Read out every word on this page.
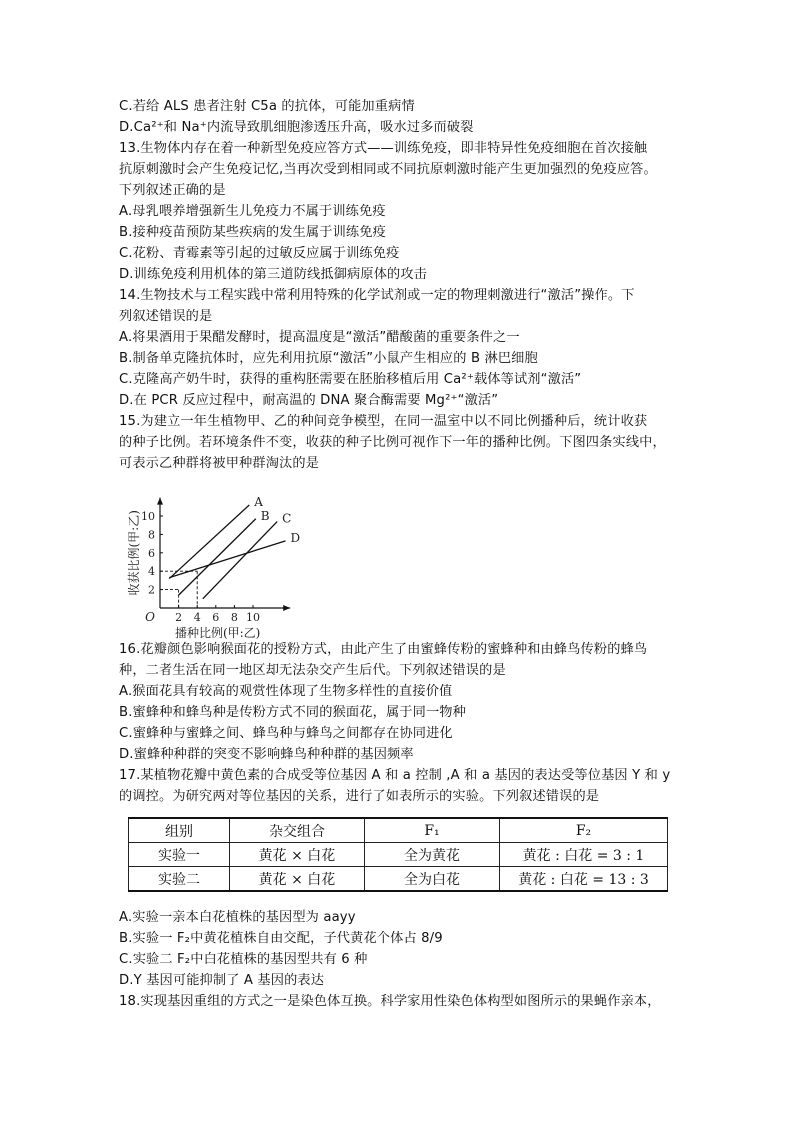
C.若给 ALS 患者注射 C5a 的抗体，可能加重病情
D.Ca²⁺和 Na⁺内流导致肌细胞渗透压升高，吸水过多而破裂
13.生物体内存在着一种新型免疫应答方式——训练免疫，即非特异性免疫细胞在首次接触
抗原刺激时会产生免疫记忆,当再次受到相同或不同抗原刺激时能产生更加强烈的免疫应答。
下列叙述正确的是
A.母乳喂养增强新生儿免疫力不属于训练免疫
B.接种疫苗预防某些疾病的发生属于训练免疫
C.花粉、青霉素等引起的过敏反应属于训练免疫
D.训练免疫利用机体的第三道防线抵御病原体的攻击
14.生物技术与工程实践中常利用特殊的化学试剂或一定的物理刺激进行“激活”操作。下
列叙述错误的是
A.将果酒用于果醋发酵时，提高温度是“激活”醋酸菌的重要条件之一
B.制备单克隆抗体时，应先利用抗原“激活”小鼠产生相应的 B 淋巴细胞
C.克隆高产奶牛时，获得的重构胚需要在胚胎移植后用 Ca²⁺载体等试剂“激活”
D.在 PCR 反应过程中，耐高温的 DNA 聚合酶需要 Mg²⁺“激活”
15.为建立一年生植物甲、乙的种间竞争模型，在同一温室中以不同比例播种后，统计收获
的种子比例。若环境条件不变，收获的种子比例可视作下一年的播种比例。下图四条实线中，
可表示乙种群将被甲种群淘汰的是
2 4 6 8 10
2
4
6
8
10
O
播种比例(甲:乙)
收获比例(甲:乙)
A
B C
D
16.花瓣颜色影响猴面花的授粉方式，由此产生了由蜜蜂传粉的蜜蜂种和由蜂鸟传粉的蜂鸟
种，二者生活在同一地区却无法杂交产生后代。下列叙述错误的是
A.猴面花具有较高的观赏性体现了生物多样性的直接价值
B.蜜蜂种和蜂鸟种是传粉方式不同的猴面花，属于同一物种
C.蜜蜂种与蜜蜂之间、蜂鸟种与蜂鸟之间都存在协同进化
D.蜜蜂种种群的突变不影响蜂鸟种种群的基因频率
17.某植物花瓣中黄色素的合成受等位基因 A 和 a 控制 ,A 和 a 基因的表达受等位基因 Y 和 y
的调控。为研究两对等位基因的关系，进行了如表所示的实验。下列叙述错误的是
组别	杂交组合	F₁	F₂
实验一	黄花 × 白花	全为黄花	黄花 : 白花 = 3 : 1
实验二	黄花 × 白花	全为白花	黄花 : 白花 = 13 : 3
A.实验一亲本白花植株的基因型为 aayy
B.实验一 F₂中黄花植株自由交配，子代黄花个体占 8/9
C.实验二 F₂中白花植株的基因型共有 6 种
D.Y 基因可能抑制了 A 基因的表达
18.实现基因重组的方式之一是染色体互换。科学家用性染色体构型如图所示的果蝇作亲本，
